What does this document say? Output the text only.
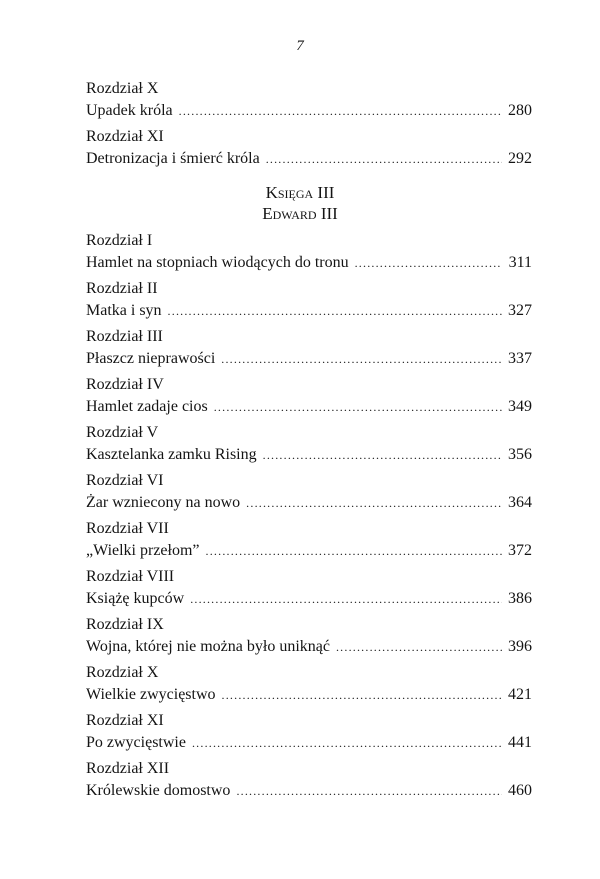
7
Rozdział X
Upadek króla .....	280
Rozdział XI
Detronizacja i śmierć króla .....	292
Księga III
Edward III
Rozdział I
Hamlet na stopniach wiodących do tronu .....	311
Rozdział II
Matka i syn .....	327
Rozdział III
Płaszcz nieprawości .....	337
Rozdział IV
Hamlet zadaje cios .....	349
Rozdział V
Kasztelanka zamku Rising .....	356
Rozdział VI
Żar wzniecony na nowo .....	364
Rozdział VII
„Wielki przełom” .....	372
Rozdział VIII
Książę kupców .....	386
Rozdział IX
Wojna, której nie można było uniknąć .....	396
Rozdział X
Wielkie zwycięstwo .....	421
Rozdział XI
Po zwycięstwie .....	441
Rozdział XII
Królewskie domostwo .....	460
